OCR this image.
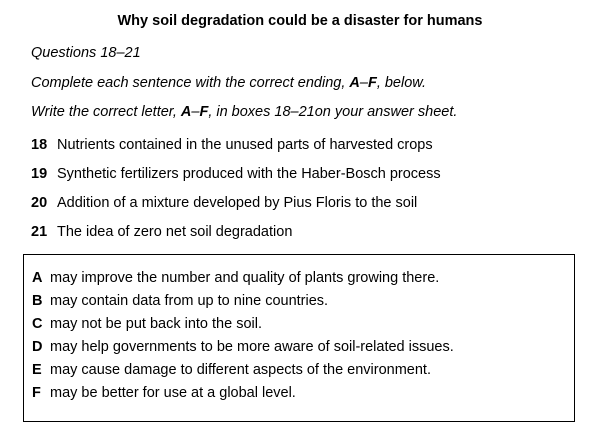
Why soil degradation could be a disaster for humans
Questions 18–21
Complete each sentence with the correct ending, A–F, below.
Write the correct letter, A–F, in boxes 18–21on your answer sheet.
18 Nutrients contained in the unused parts of harvested crops
19 Synthetic fertilizers produced with the Haber-Bosch process
20 Addition of a mixture developed by Pius Floris to the soil
21 The idea of zero net soil degradation
A may improve the number and quality of plants growing there.
B may contain data from up to nine countries.
C may not be put back into the soil.
D may help governments to be more aware of soil-related issues.
E may cause damage to different aspects of the environment.
F may be better for use at a global level.
